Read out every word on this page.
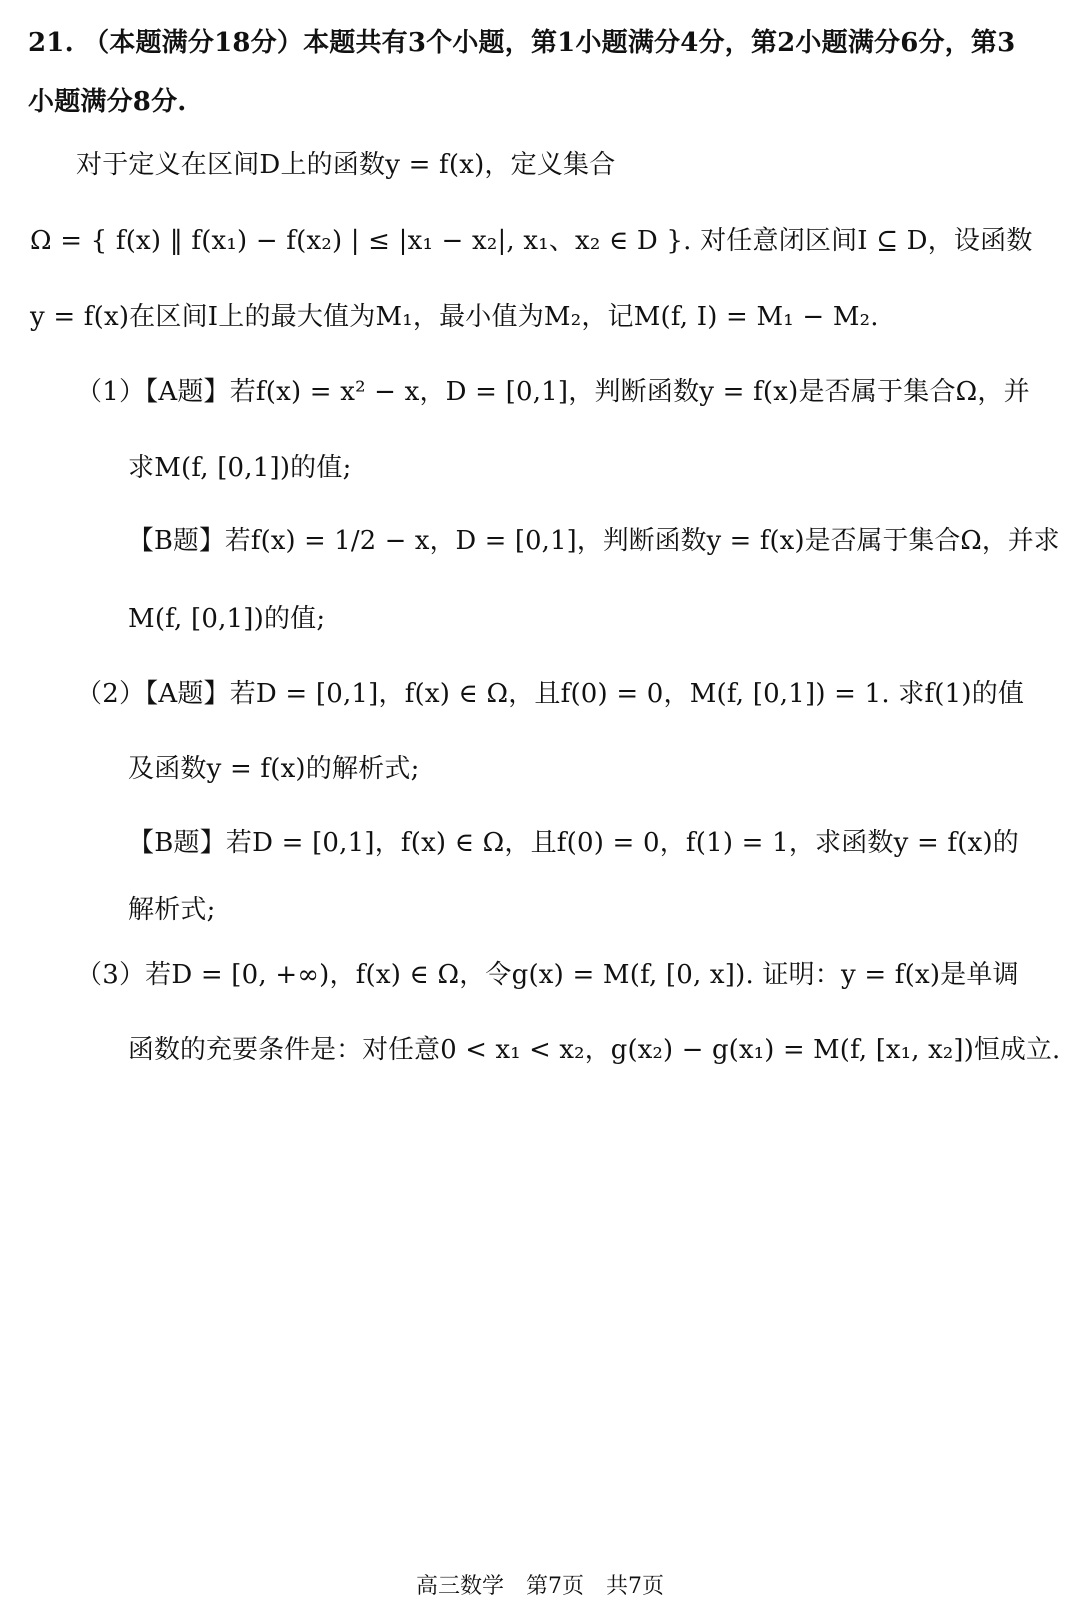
21. （本题满分18分）本题共有3个小题，第1小题满分4分，第2小题满分6分，第3
小题满分8分.
对于定义在区间D上的函数y = f(x)，定义集合
Ω = { f(x) ‖ f(x₁) − f(x₂) | ≤ |x₁ − x₂|, x₁、x₂ ∈ D }. 对任意闭区间I ⊆ D，设函数
y = f(x)在区间I上的最大值为M₁，最小值为M₂，记M(f, I) = M₁ − M₂.
（1）【A题】若f(x) = x² − x，D = [0,1]，判断函数y = f(x)是否属于集合Ω，并
求M(f, [0,1])的值;
【B题】若f(x) = 1/2 − x，D = [0,1]，判断函数y = f(x)是否属于集合Ω，并求
M(f, [0,1])的值;
（2）【A题】若D = [0,1]，f(x) ∈ Ω，且f(0) = 0，M(f, [0,1]) = 1. 求f(1)的值
及函数y = f(x)的解析式;
【B题】若D = [0,1]，f(x) ∈ Ω，且f(0) = 0，f(1) = 1，求函数y = f(x)的
解析式;
（3）若D = [0, +∞)，f(x) ∈ Ω，令g(x) = M(f, [0, x]). 证明：y = f(x)是单调
函数的充要条件是：对任意0 < x₁ < x₂，g(x₂) − g(x₁) = M(f, [x₁, x₂])恒成立.
高三数学　第7页　共7页
